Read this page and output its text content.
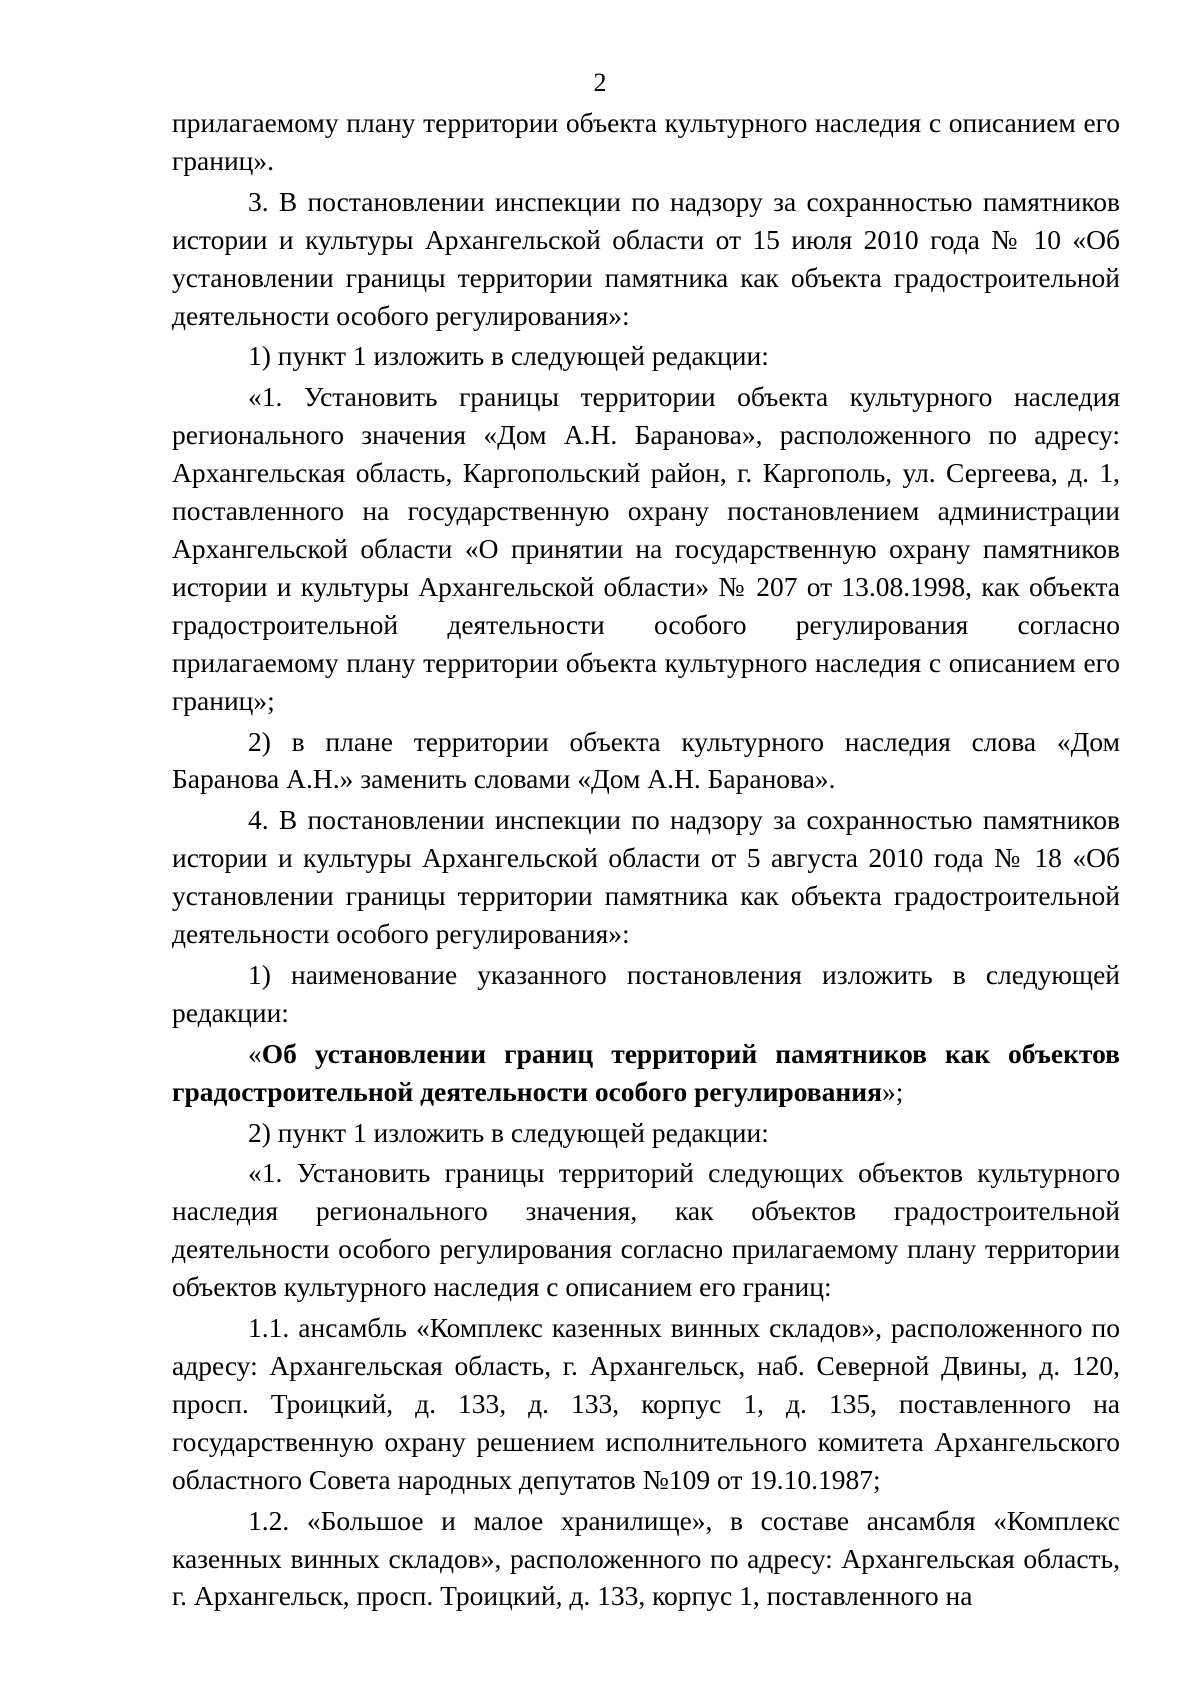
2

прилагаемому плану территории объекта культурного наследия с описанием его границ».

3. В постановлении инспекции по надзору за сохранностью памятников истории и культуры Архангельской области от 15 июля 2010 года № 10 «Об установлении границы территории памятника как объекта градостроительной деятельности особого регулирования»:

1) пункт 1 изложить в следующей редакции:

«1. Установить границы территории объекта культурного наследия регионального значения «Дом А.Н. Баранова», расположенного по адресу: Архангельская область, Каргопольский район, г. Каргополь, ул. Сергеева, д. 1, поставленного на государственную охрану постановлением администрации Архангельской области «О принятии на государственную охрану памятников истории и культуры Архангельской области» № 207 от 13.08.1998, как объекта градостроительной деятельности особого регулирования согласно прилагаемому плану территории объекта культурного наследия с описанием его границ»;

2) в плане территории объекта культурного наследия слова «Дом Баранова А.Н.» заменить словами «Дом А.Н. Баранова».

4. В постановлении инспекции по надзору за сохранностью памятников истории и культуры Архангельской области от 5 августа 2010 года № 18 «Об установлении границы территории памятника как объекта градостроительной деятельности особого регулирования»:

1) наименование указанного постановления изложить в следующей редакции:

«Об установлении границ территорий памятников как объектов градостроительной деятельности особого регулирования»;

2) пункт 1 изложить в следующей редакции:

«1. Установить границы территорий следующих объектов культурного наследия регионального значения, как объектов градостроительной деятельности особого регулирования согласно прилагаемому плану территории объектов культурного наследия с описанием его границ:

1.1. ансамбль «Комплекс казенных винных складов», расположенного по адресу: Архангельская область, г. Архангельск, наб. Северной Двины, д. 120, просп. Троицкий, д. 133, д. 133, корпус 1, д. 135, поставленного на государственную охрану решением исполнительного комитета Архангельского областного Совета народных депутатов №109 от 19.10.1987;

1.2. «Большое и малое хранилище», в составе ансамбля «Комплекс казенных винных складов», расположенного по адресу: Архангельская область, г. Архангельск, просп. Троицкий, д. 133, корпус 1, поставленного на
